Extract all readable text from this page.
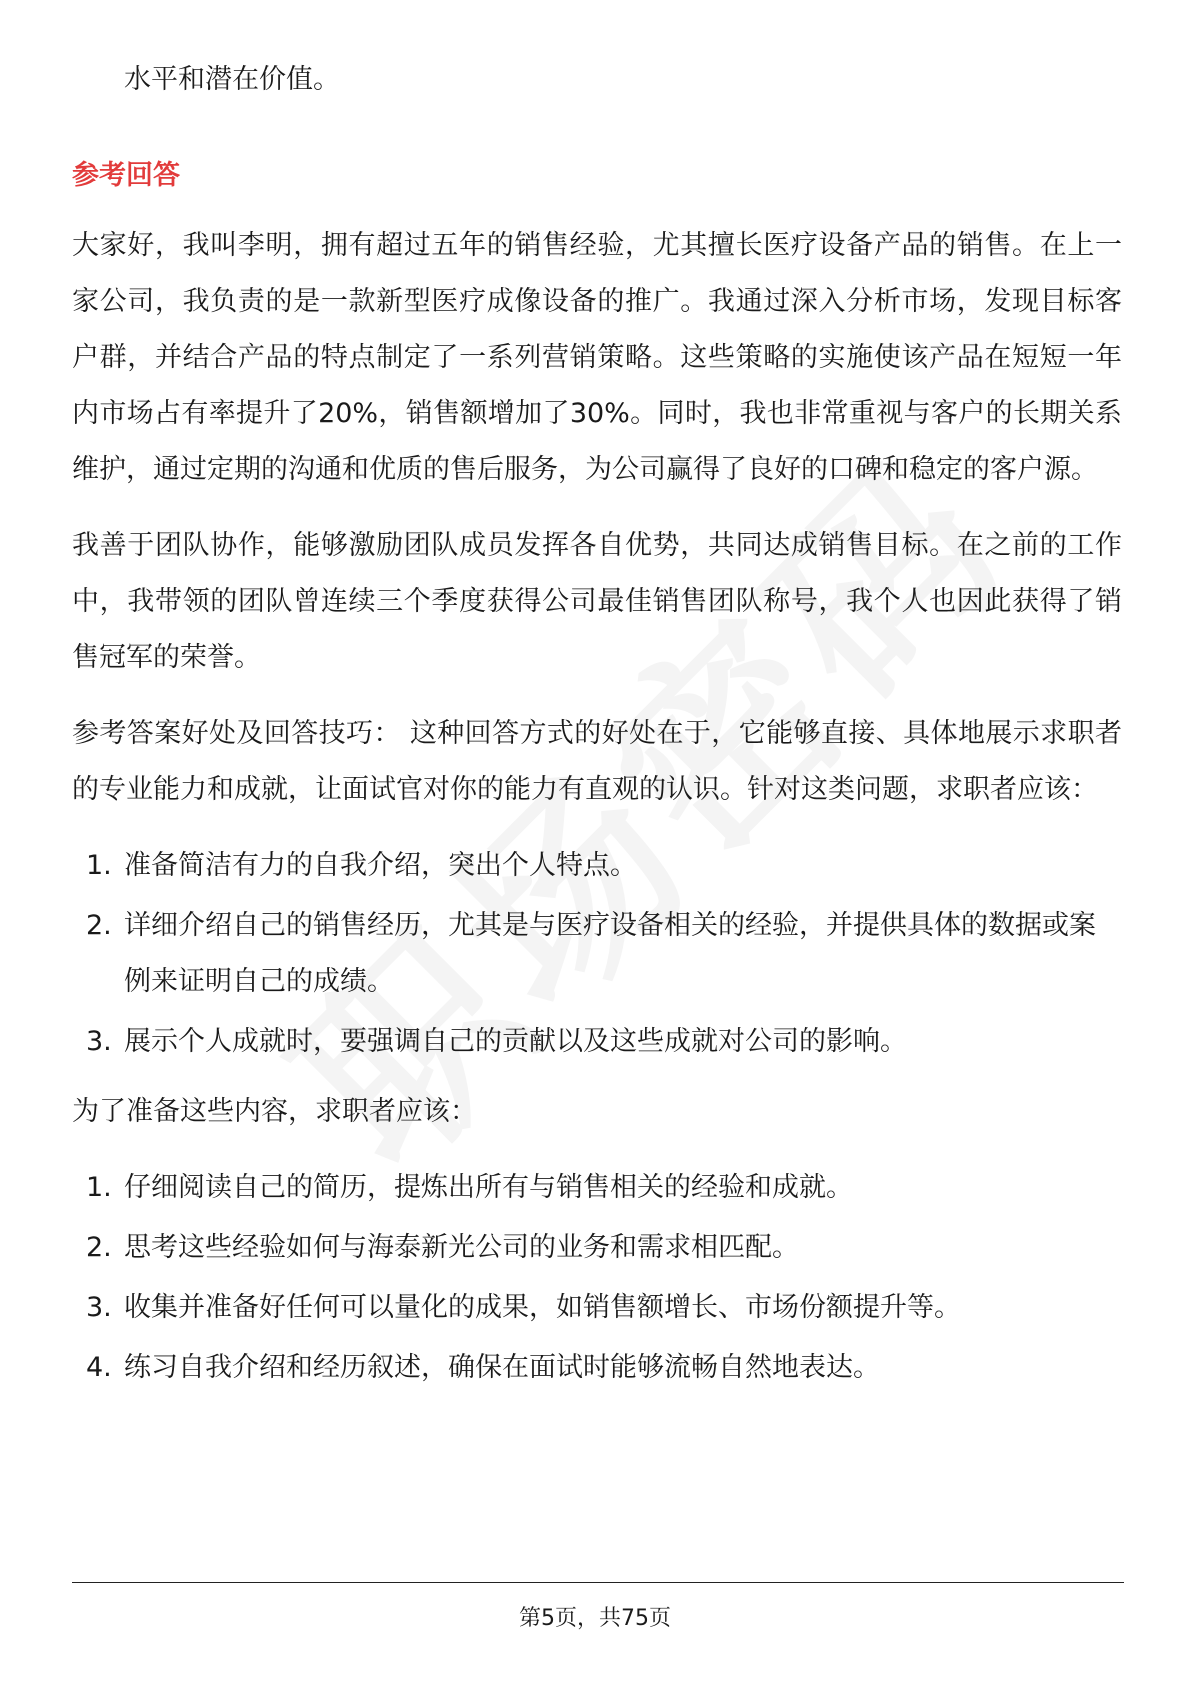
水平和潜在价值。
参考回答

大家好，我叫李明，拥有超过五年的销售经验，尤其擅长医疗设备产品的销售。在上一家公司，我负责的是一款新型医疗成像设备的推广。我通过深入分析市场，发现目标客户群，并结合产品的特点制定了一系列营销策略。这些策略的实施使该产品在短短一年内市场占有率提升了20%，销售额增加了30%。同时，我也非常重视与客户的长期关系维护，通过定期的沟通和优质的售后服务，为公司赢得了良好的口碑和稳定的客户源。

我善于团队协作，能够激励团队成员发挥各自优势，共同达成销售目标。在之前的工作中，我带领的团队曾连续三个季度获得公司最佳销售团队称号，我个人也因此获得了销售冠军的荣誉。

参考答案好处及回答技巧： 这种回答方式的好处在于，它能够直接、具体地展示求职者的专业能力和成就，让面试官对你的能力有直观的认识。针对这类问题，求职者应该：

1. 准备简洁有力的自我介绍，突出个人特点。
2. 详细介绍自己的销售经历，尤其是与医疗设备相关的经验，并提供具体的数据或案例来证明自己的成绩。
3. 展示个人成就时，要强调自己的贡献以及这些成就对公司的影响。

为了准备这些内容，求职者应该：

1. 仔细阅读自己的简历，提炼出所有与销售相关的经验和成就。
2. 思考这些经验如何与海泰新光公司的业务和需求相匹配。
3. 收集并准备好任何可以量化的成果，如销售额增长、市场份额提升等。
4. 练习自我介绍和经历叙述，确保在面试时能够流畅自然地表达。
第5页，共75页
